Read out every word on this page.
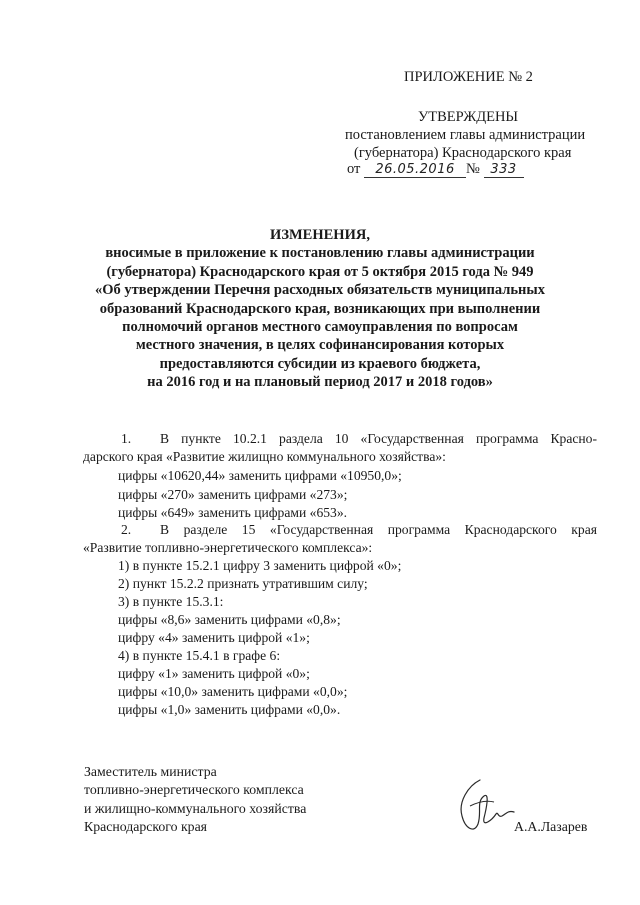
ПРИЛОЖЕНИЕ № 2
УТВЕРЖДЕНЫ
постановлением главы администрации
(губернатора) Краснодарского края
от 26.05.2016 № 333
ИЗМЕНЕНИЯ,
вносимые в приложение к постановлению главы администрации
(губернатора) Краснодарского края от 5 октября 2015 года № 949
«Об утверждении Перечня расходных обязательств муниципальных
образований Краснодарского края, возникающих при выполнении
полномочий органов местного самоуправления по вопросам
местного значения, в целях софинансирования которых
предоставляются субсидии из краевого бюджета,
на 2016 год и на плановый период 2017 и 2018 годов»
1. В пункте 10.2.1 раздела 10 «Государственная программа Красно-
дарского края «Развитие жилищно коммунального хозяйства»:
цифры «10620,44» заменить цифрами «10950,0»;
цифры «270» заменить цифрами «273»;
цифры «649» заменить цифрами «653».
2. В разделе 15 «Государственная программа Краснодарского края
«Развитие топливно-энергетического комплекса»:
1) в пункте 15.2.1 цифру 3 заменить цифрой «0»;
2) пункт 15.2.2 признать утратившим силу;
3) в пункте 15.3.1:
цифры «8,6» заменить цифрами «0,8»;
цифру «4» заменить цифрой «1»;
4) в пункте 15.4.1 в графе 6:
цифру «1» заменить цифрой «0»;
цифры «10,0» заменить цифрами «0,0»;
цифры «1,0» заменить цифрами «0,0».
Заместитель министра
топливно-энергетического комплекса
и жилищно-коммунального хозяйства
Краснодарского края	А.А.Лазарев
